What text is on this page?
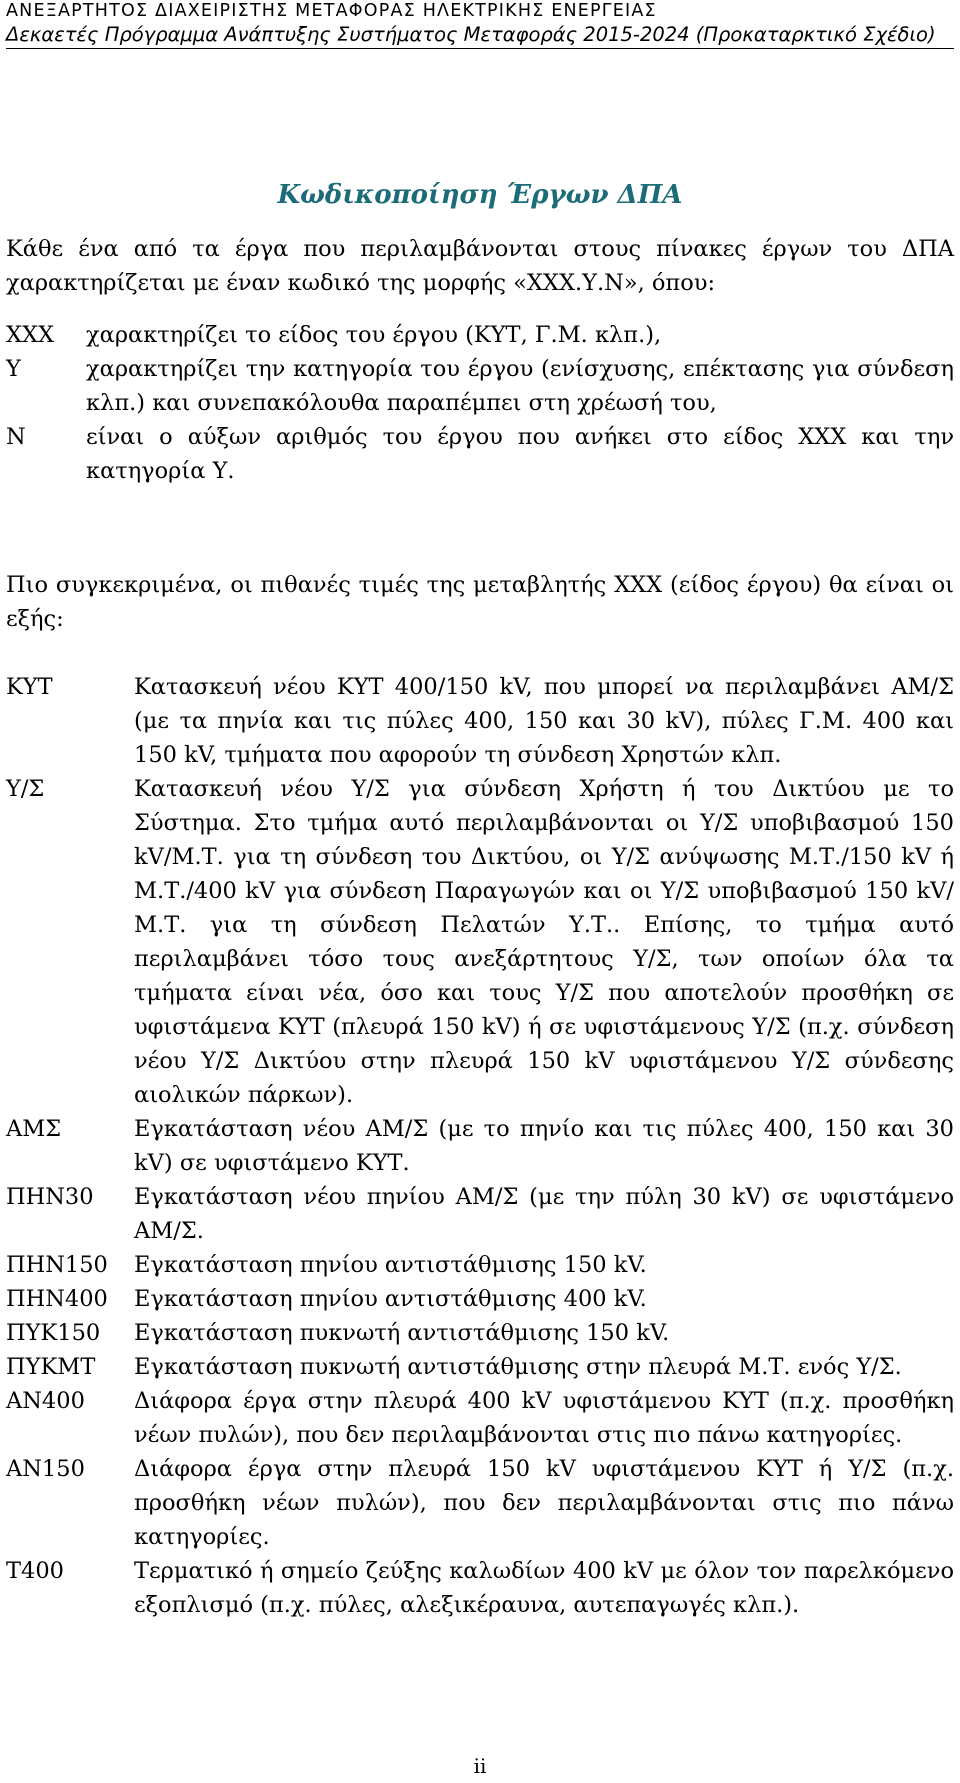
ΑΝΕΞΑΡΤΗΤΟΣ ΔΙΑΧΕΙΡΙΣΤΗΣ ΜΕΤΑΦΟΡΑΣ ΗΛΕΚΤΡΙΚΗΣ ΕΝΕΡΓΕΙΑΣ
Δεκαετές Πρόγραμμα Ανάπτυξης Συστήματος Μεταφοράς 2015-2024 (Προκαταρκτικό Σχέδιο)
Κωδικοποίηση Έργων ΔΠΑ
Κάθε ένα από τα έργα που περιλαμβάνονται στους πίνακες έργων του ΔΠΑ χαρακτηρίζεται με έναν κωδικό της μορφής «ΧΧΧ.Υ.Ν», όπου:
ΧΧΧ	χαρακτηρίζει το είδος του έργου (ΚΥΤ, Γ.Μ. κλπ.),
Υ	χαρακτηρίζει την κατηγορία του έργου (ενίσχυσης, επέκτασης για σύνδεση κλπ.) και συνεπακόλουθα παραπέμπει στη χρέωσή του,
Ν	είναι ο αύξων αριθμός του έργου που ανήκει στο είδος ΧΧΧ και την κατηγορία Υ.
Πιο συγκεκριμένα, οι πιθανές τιμές της μεταβλητής ΧΧΧ (είδος έργου) θα είναι οι εξής:
ΚΥΤ	Κατασκευή νέου ΚΥΤ 400/150 kV, που μπορεί να περιλαμβάνει ΑΜ/Σ (με τα πηνία και τις πύλες 400, 150 και 30 kV), πύλες Γ.Μ. 400 και 150 kV, τμήματα που αφορούν τη σύνδεση Χρηστών κλπ.
Υ/Σ	Κατασκευή νέου Υ/Σ για σύνδεση Χρήστη ή του Δικτύου με το Σύστημα. Στο τμήμα αυτό περιλαμβάνονται οι Υ/Σ υποβιβασμού 150 kV/Μ.Τ. για τη σύνδεση του Δικτύου, οι Υ/Σ ανύψωσης Μ.Τ./150 kV ή Μ.Τ./400 kV για σύνδεση Παραγωγών και οι Υ/Σ υποβιβασμού 150 kV/Μ.Τ. για τη σύνδεση Πελατών Υ.Τ.. Επίσης, το τμήμα αυτό περιλαμβάνει τόσο τους ανεξάρτητους Υ/Σ, των οποίων όλα τα τμήματα είναι νέα, όσο και τους Υ/Σ που αποτελούν προσθήκη σε υφιστάμενα ΚΥΤ (πλευρά 150 kV) ή σε υφιστάμενους Υ/Σ (π.χ. σύνδεση νέου Υ/Σ Δικτύου στην πλευρά 150 kV υφιστάμενου Υ/Σ σύνδεσης αιολικών πάρκων).
ΑΜΣ	Εγκατάσταση νέου ΑΜ/Σ (με το πηνίο και τις πύλες 400, 150 και 30 kV) σε υφιστάμενο ΚΥΤ.
ΠΗΝ30	Εγκατάσταση νέου πηνίου ΑΜ/Σ (με την πύλη 30 kV) σε υφιστάμενο ΑΜ/Σ.
ΠΗΝ150	Εγκατάσταση πηνίου αντιστάθμισης 150 kV.
ΠΗΝ400	Εγκατάσταση πηνίου αντιστάθμισης 400 kV.
ΠΥΚ150	Εγκατάσταση πυκνωτή αντιστάθμισης 150 kV.
ΠΥΚΜΤ	Εγκατάσταση πυκνωτή αντιστάθμισης στην πλευρά Μ.Τ. ενός Υ/Σ.
ΑΝ400	Διάφορα έργα στην πλευρά 400 kV υφιστάμενου ΚΥΤ (π.χ. προσθήκη νέων πυλών), που δεν περιλαμβάνονται στις πιο πάνω κατηγορίες.
ΑΝ150	Διάφορα έργα στην πλευρά 150 kV υφιστάμενου ΚΥΤ ή Υ/Σ (π.χ. προσθήκη νέων πυλών), που δεν περιλαμβάνονται στις πιο πάνω κατηγορίες.
Τ400	Τερματικό ή σημείο ζεύξης καλωδίων 400 kV με όλον τον παρελκόμενο εξοπλισμό (π.χ. πύλες, αλεξικέραυνα, αυτεπαγωγές κλπ.).
ii
